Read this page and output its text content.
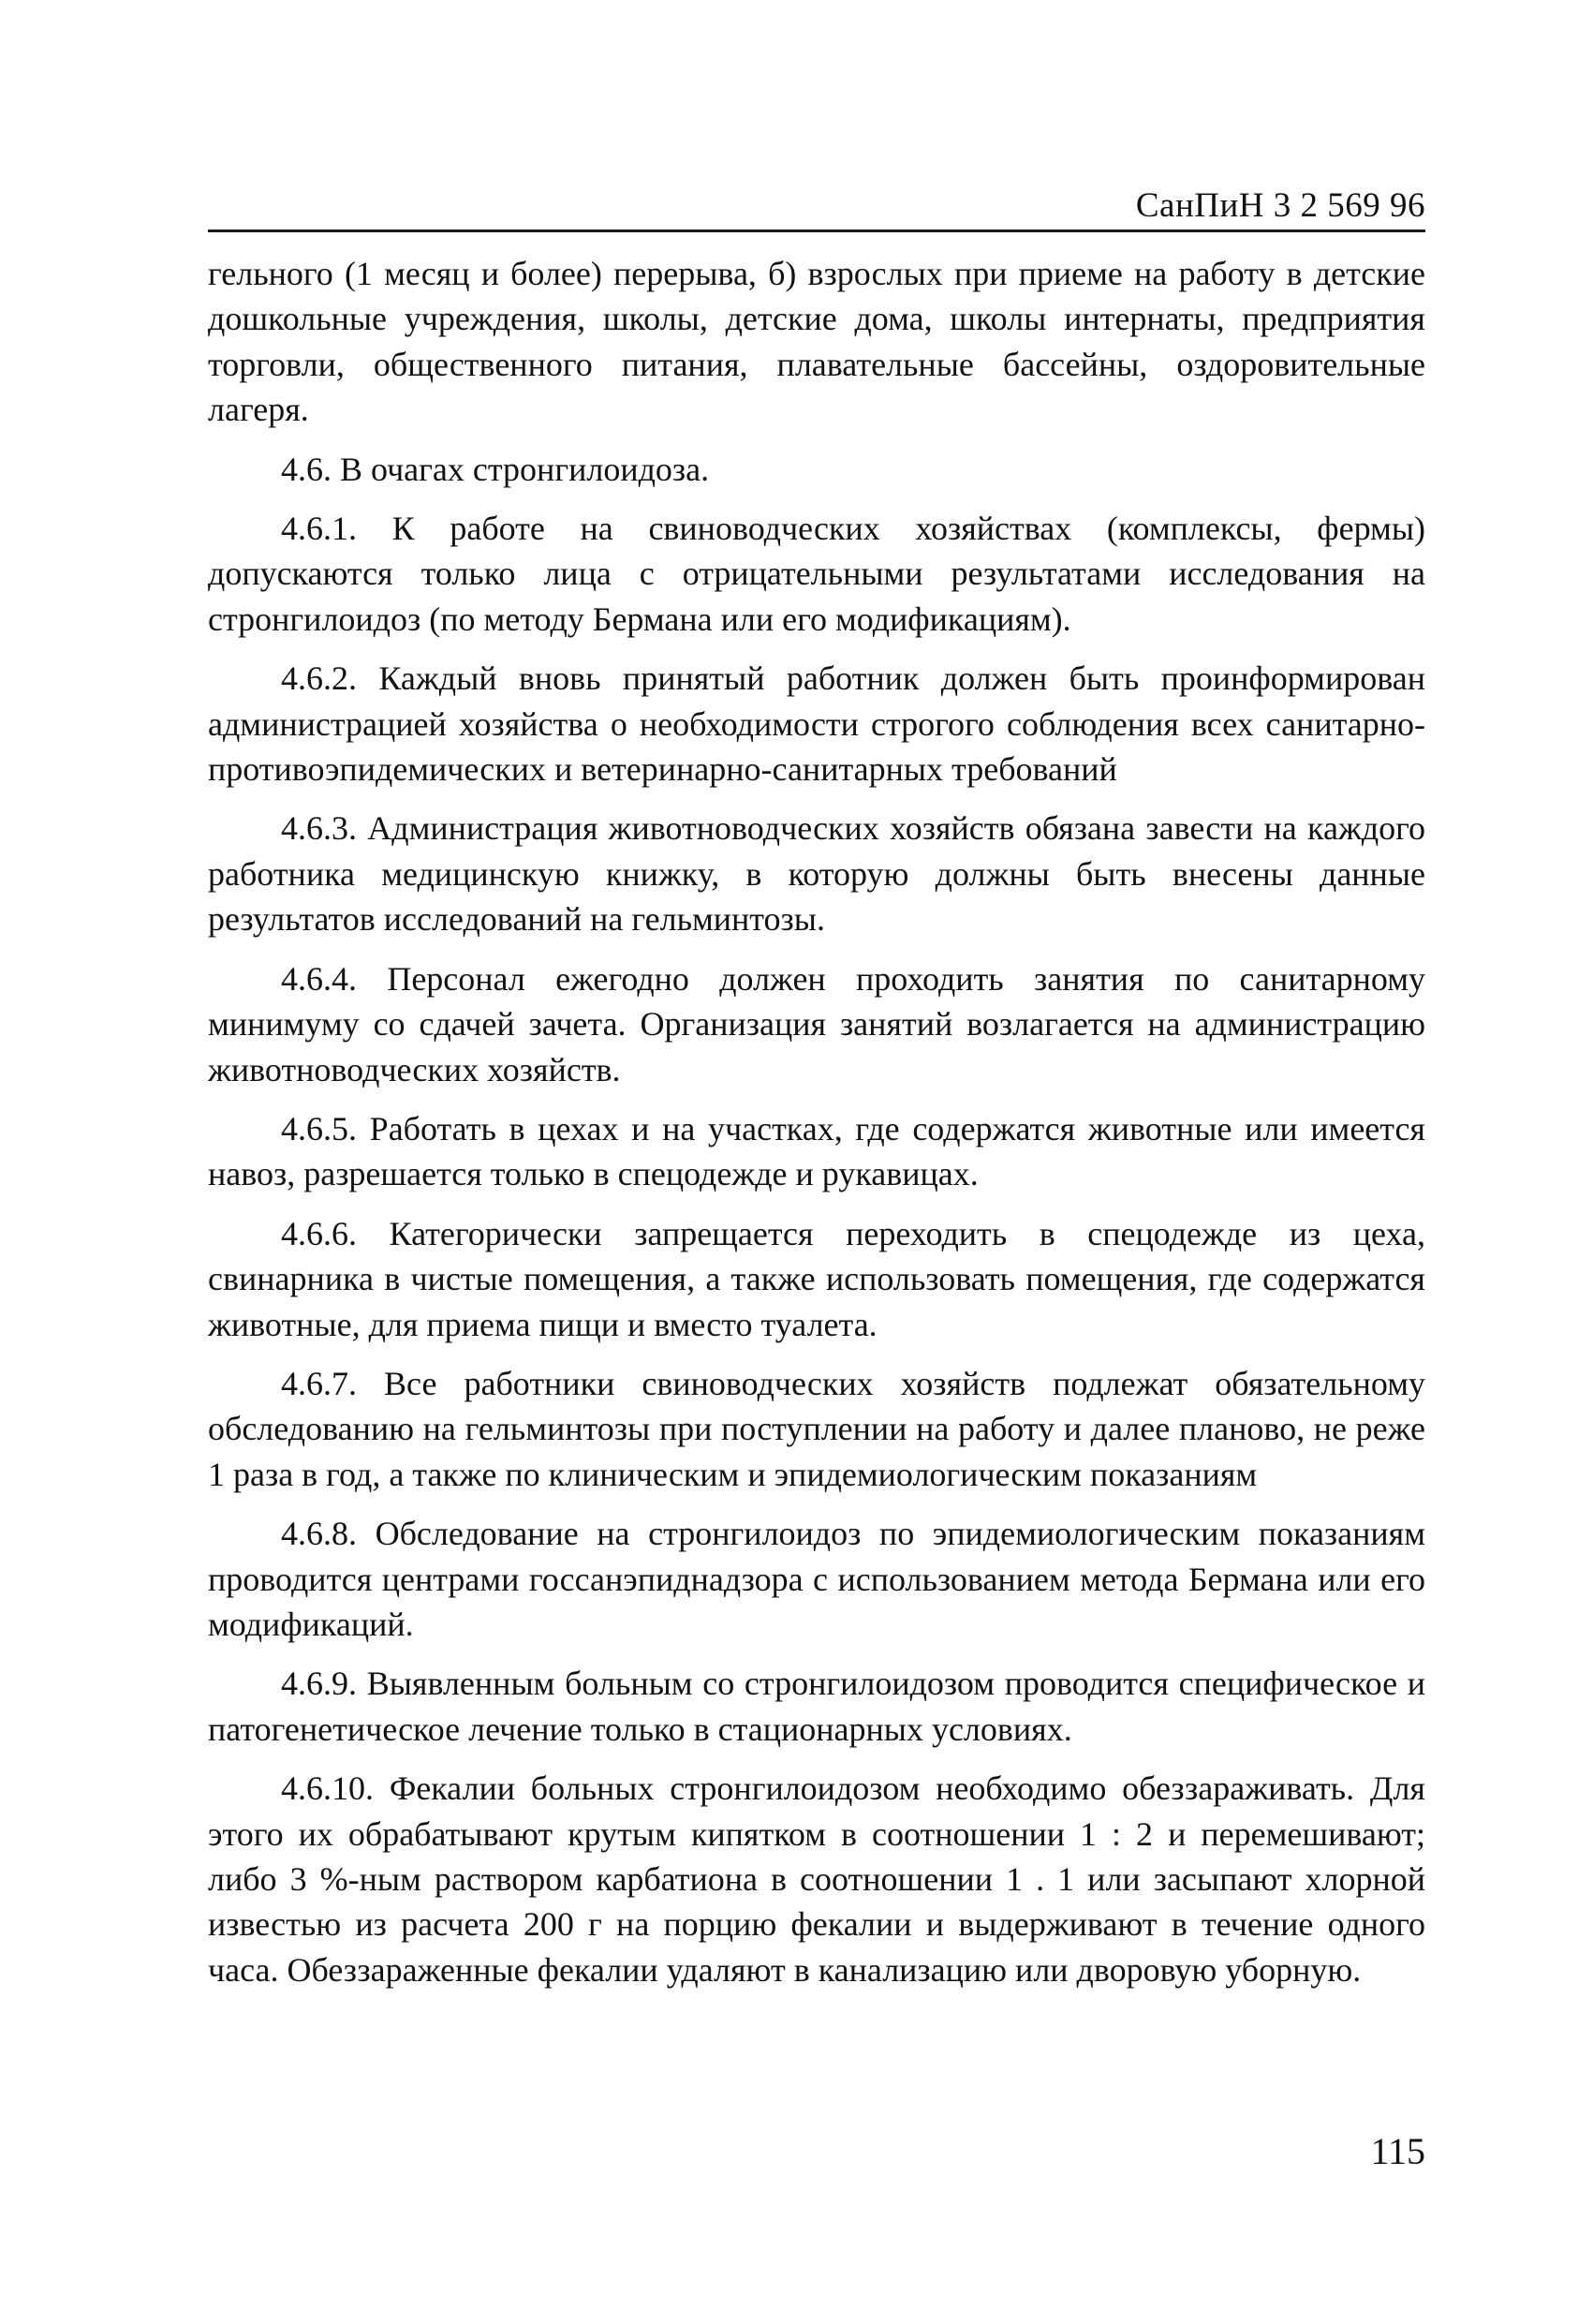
СанПиН 3 2 569 96

гельного (1 месяц и более) перерыва, б) взрослых при приеме на работу в детские дошкольные учреждения, школы, детские дома, школы интернаты, предприятия торговли, общественного питания, плавательные бассейны, оздоровительные лагеря.

4.6. В очагах стронгилоидоза.

4.6.1. К работе на свиноводческих хозяйствах (комплексы, фермы) допускаются только лица с отрицательными результатами исследования на стронгилоидоз (по методу Бермана или его модификациям).

4.6.2. Каждый вновь принятый работник должен быть проинформирован администрацией хозяйства о необходимости строгого соблюдения всех санитарно-противоэпидемических и ветеринарно-санитарных требований

4.6.3. Администрация животноводческих хозяйств обязана завести на каждого работника медицинскую книжку, в которую должны быть внесены данные результатов исследований на гельминтозы.

4.6.4. Персонал ежегодно должен проходить занятия по санитарному минимуму со сдачей зачета. Организация занятий возлагается на администрацию животноводческих хозяйств.

4.6.5. Работать в цехах и на участках, где содержатся животные или имеется навоз, разрешается только в спецодежде и рукавицах.

4.6.6. Категорически запрещается переходить в спецодежде из цеха, свинарника в чистые помещения, а также использовать помещения, где содержатся животные, для приема пищи и вместо туалета.

4.6.7. Все работники свиноводческих хозяйств подлежат обязательному обследованию на гельминтозы при поступлении на работу и далее планово, не реже 1 раза в год, а также по клиническим и эпидемиологическим показаниям

4.6.8. Обследование на стронгилоидоз по эпидемиологическим показаниям проводится центрами госсанэпиднадзора с использованием метода Бермана или его модификаций.

4.6.9. Выявленным больным со стронгилоидозом проводится специфическое и патогенетическое лечение только в стационарных условиях.

4.6.10. Фекалии больных стронгилоидозом необходимо обеззараживать. Для этого их обрабатывают крутым кипятком в соотношении 1 : 2 и перемешивают; либо 3 %-ным раствором карбатиона в соотношении 1 . 1 или засыпают хлорной известью из расчета 200 г на порцию фекалии и выдерживают в течение одного часа. Обеззараженные фекалии удаляют в канализацию или дворовую уборную.

115
